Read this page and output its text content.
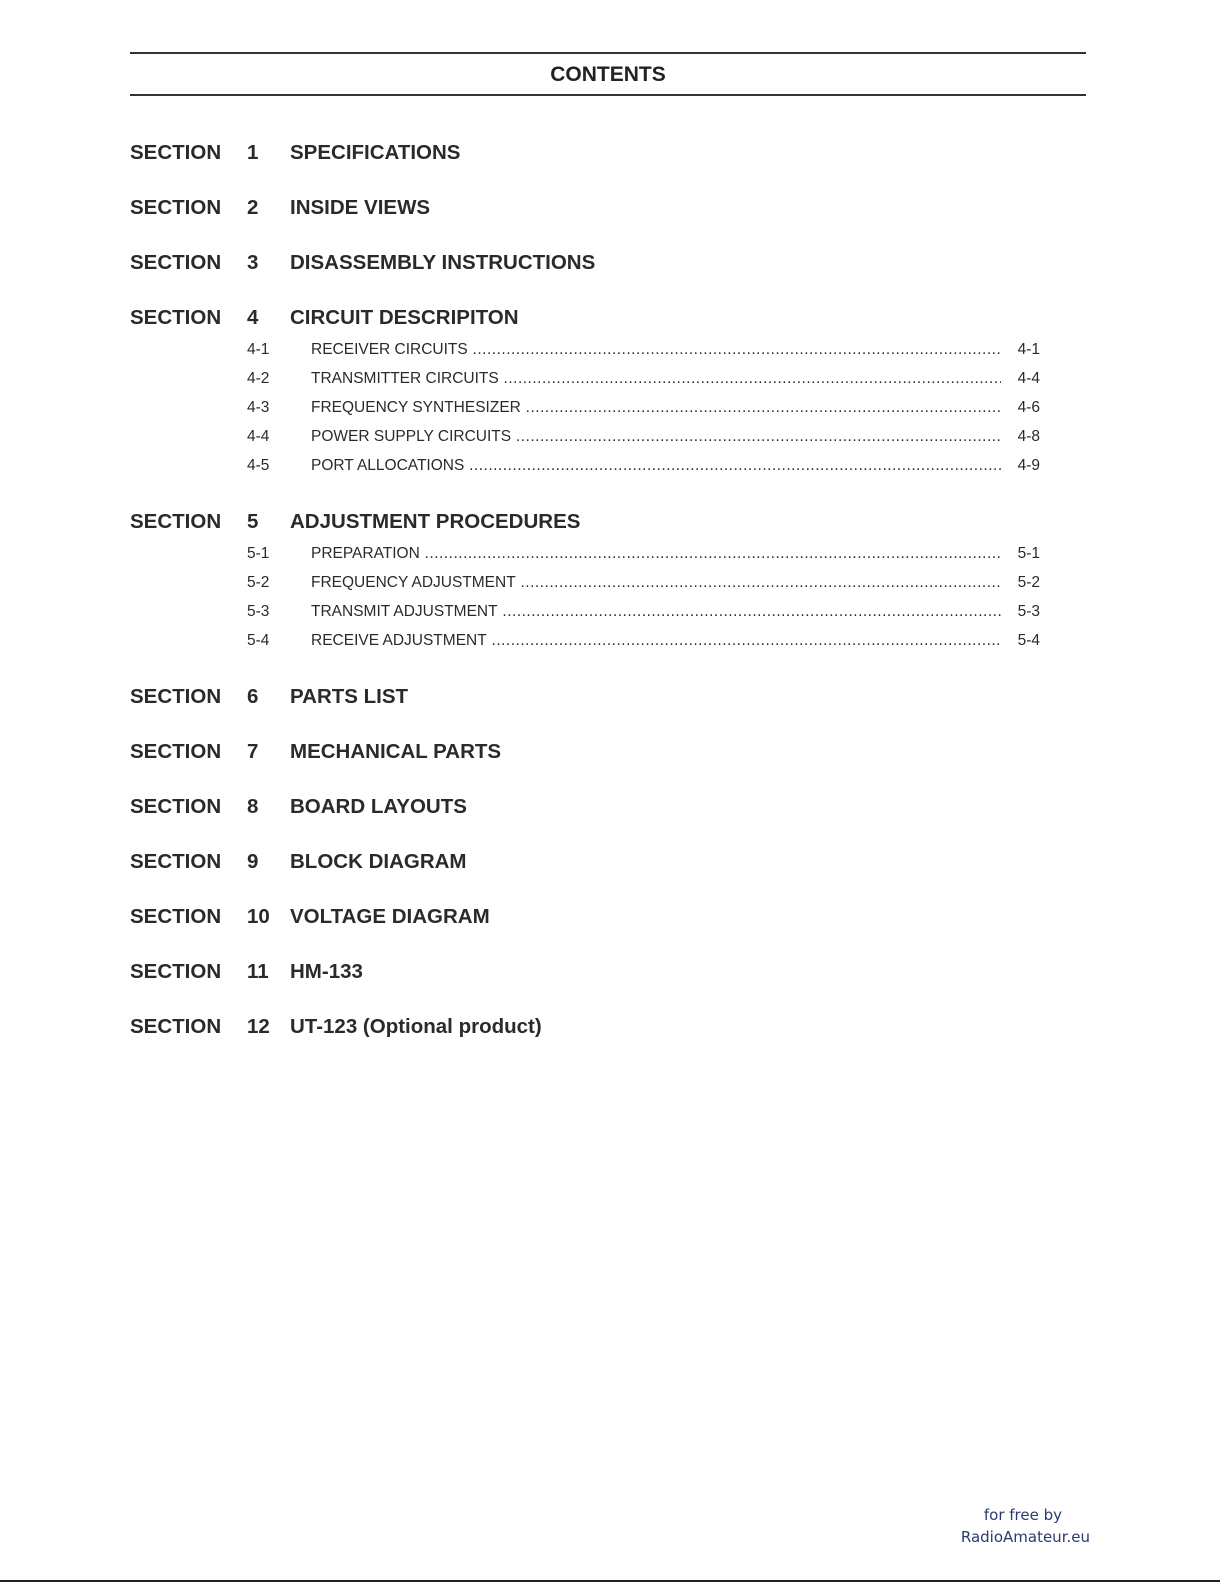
CONTENTS
SECTION 1 SPECIFICATIONS
SECTION 2 INSIDE VIEWS
SECTION 3 DISASSEMBLY INSTRUCTIONS
SECTION 4 CIRCUIT DESCRIPITON
4-1	RECEIVER CIRCUITS .....	4-1
4-2	TRANSMITTER CIRCUITS .....	4-4
4-3	FREQUENCY SYNTHESIZER .....	4-6
4-4	POWER SUPPLY CIRCUITS .....	4-8
4-5	PORT ALLOCATIONS .....	4-9
SECTION 5 ADJUSTMENT PROCEDURES
5-1	PREPARATION .....	5-1
5-2	FREQUENCY ADJUSTMENT .....	5-2
5-3	TRANSMIT ADJUSTMENT .....	5-3
5-4	RECEIVE ADJUSTMENT .....	5-4
SECTION 6 PARTS LIST
SECTION 7 MECHANICAL PARTS
SECTION 8 BOARD LAYOUTS
SECTION 9 BLOCK DIAGRAM
SECTION 10 VOLTAGE DIAGRAM
SECTION 11 HM-133
SECTION 12 UT-123 (Optional product)
for free by
RadioAmateur.eu
